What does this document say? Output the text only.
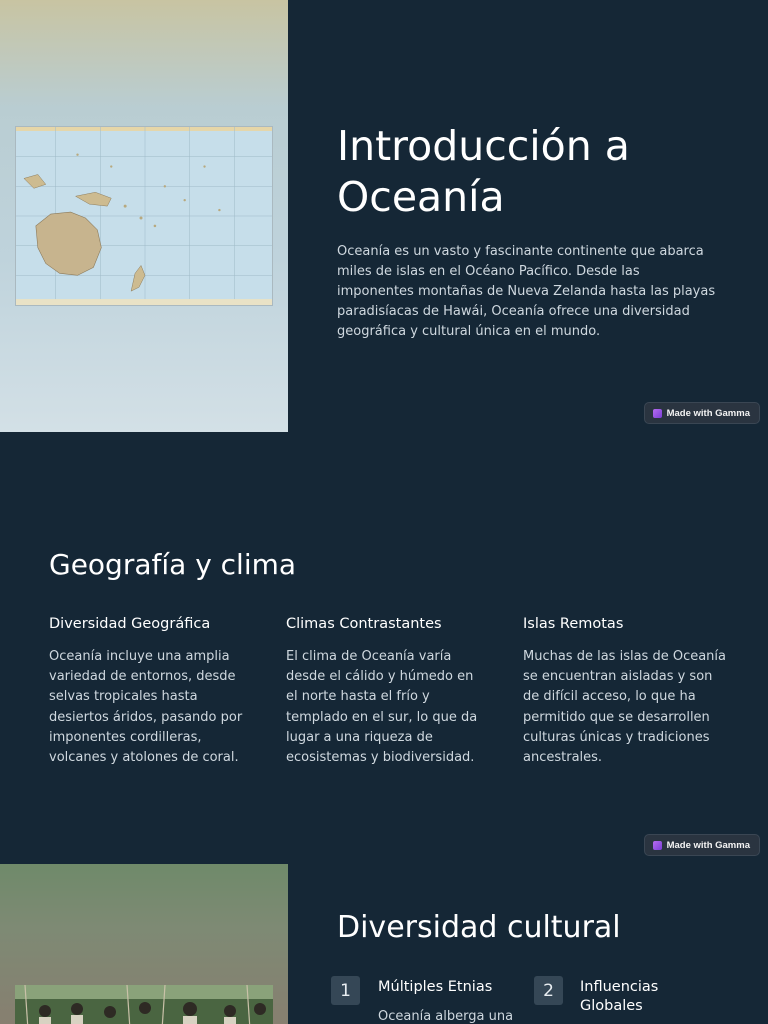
Introducción a Oceanía

Oceanía es un vasto y fascinante continente que abarca miles de islas en el Océano Pacífico. Desde las imponentes montañas de Nueva Zelanda hasta las playas paradisíacas de Hawái, Oceanía ofrece una diversidad geográfica y cultural única en el mundo.

Made with Gamma
Geografía y clima
Diversidad Geográfica

Oceanía incluye una amplia variedad de entornos, desde selvas tropicales hasta desiertos áridos, pasando por imponentes cordilleras, volcanes y atolones de coral.

Climas Contrastantes

El clima de Oceanía varía desde el cálido y húmedo en el norte hasta el frío y templado en el sur, lo que da lugar a una riqueza de ecosistemas y biodiversidad.

Islas Remotas

Muchas de las islas de Oceanía se encuentran aisladas y son de difícil acceso, lo que ha permitido que se desarrollen culturas únicas y tradiciones ancestrales.

Made with Gamma
Diversidad cultural
1	Múltiples Etnias
Oceanía alberga una
2	Influencias Globales
